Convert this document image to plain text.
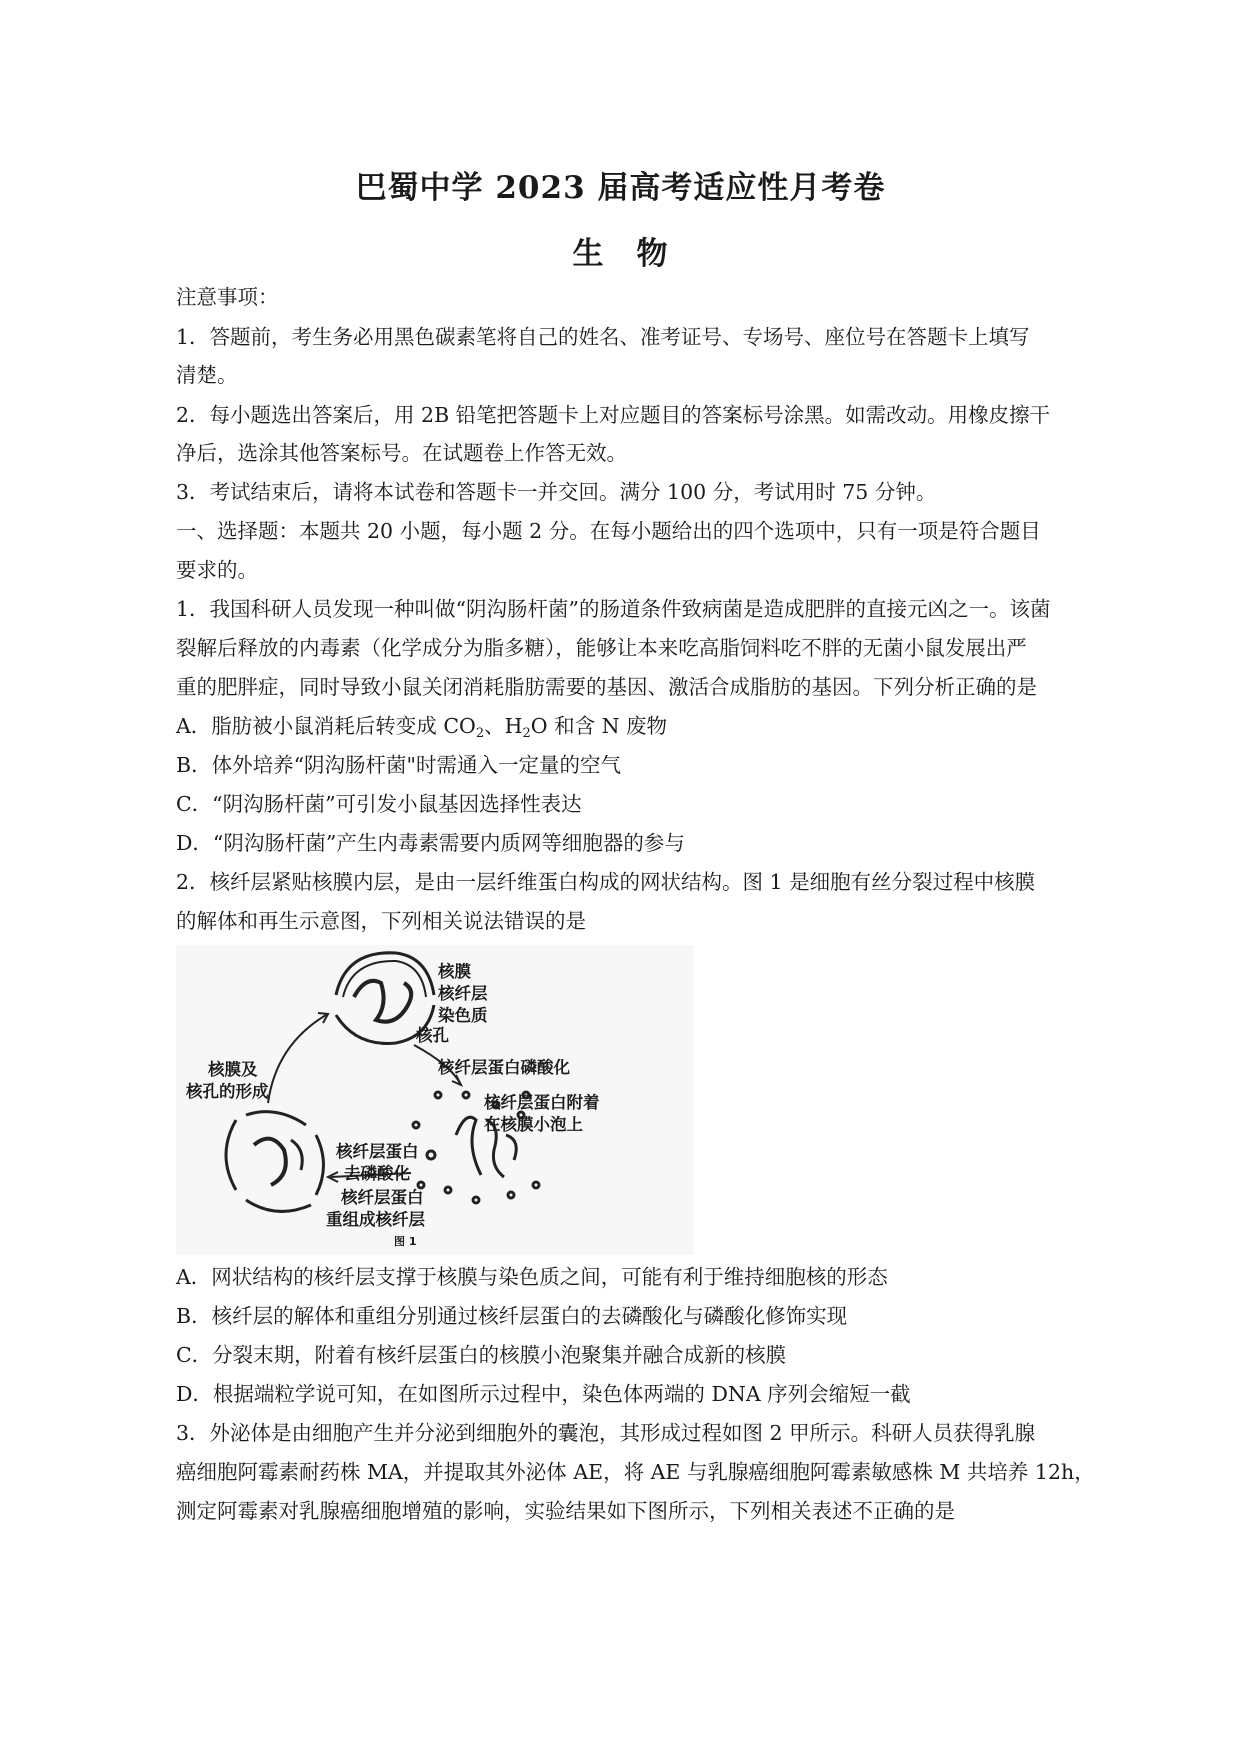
巴蜀中学 2023 届高考适应性月考卷
生　物
注意事项：
1．答题前，考生务必用黑色碳素笔将自己的姓名、准考证号、专场号、座位号在答题卡上填写
清楚。
2．每小题选出答案后，用 2B 铅笔把答题卡上对应题目的答案标号涂黑。如需改动。用橡皮擦干
净后，选涂其他答案标号。在试题卷上作答无效。
3．考试结束后，请将本试卷和答题卡一并交回。满分 100 分，考试用时 75 分钟。
一、选择题：本题共 20 小题，每小题 2 分。在每小题给出的四个选项中，只有一项是符合题目
要求的。
1．我国科研人员发现一种叫做“阴沟肠杆菌”的肠道条件致病菌是造成肥胖的直接元凶之一。该菌
裂解后释放的内毒素（化学成分为脂多糖），能够让本来吃高脂饲料吃不胖的无菌小鼠发展出严
重的肥胖症，同时导致小鼠关闭消耗脂肪需要的基因、激活合成脂肪的基因。下列分析正确的是
A．脂肪被小鼠消耗后转变成 $CO_2$、$H_2O$ 和含 N 废物
B．体外培养“阴沟肠杆菌"时需通入一定量的空气
C．“阴沟肠杆菌”可引发小鼠基因选择性表达
D．“阴沟肠杆菌”产生内毒素需要内质网等细胞器的参与
2．核纤层紧贴核膜内层，是由一层纤维蛋白构成的网状结构。图 1 是细胞有丝分裂过程中核膜
的解体和再生示意图，下列相关说法错误的是
核膜
核纤层
染色质
核孔
核纤层蛋白磷酸化
核纤层蛋白附着
在核膜小泡上
核膜及
核孔的形成
核纤层蛋白
去磷酸化
核纤层蛋白
重组成核纤层
图 1
A．网状结构的核纤层支撑于核膜与染色质之间，可能有利于维持细胞核的形态
B．核纤层的解体和重组分别通过核纤层蛋白的去磷酸化与磷酸化修饰实现
C．分裂末期，附着有核纤层蛋白的核膜小泡聚集并融合成新的核膜
D．根据端粒学说可知，在如图所示过程中，染色体两端的 DNA 序列会缩短一截
3．外泌体是由细胞产生并分泌到细胞外的囊泡，其形成过程如图 2 甲所示。科研人员获得乳腺
癌细胞阿霉素耐药株 MA，并提取其外泌体 AE，将 AE 与乳腺癌细胞阿霉素敏感株 M 共培养 12h，
测定阿霉素对乳腺癌细胞增殖的影响，实验结果如下图所示，下列相关表述不正确的是
